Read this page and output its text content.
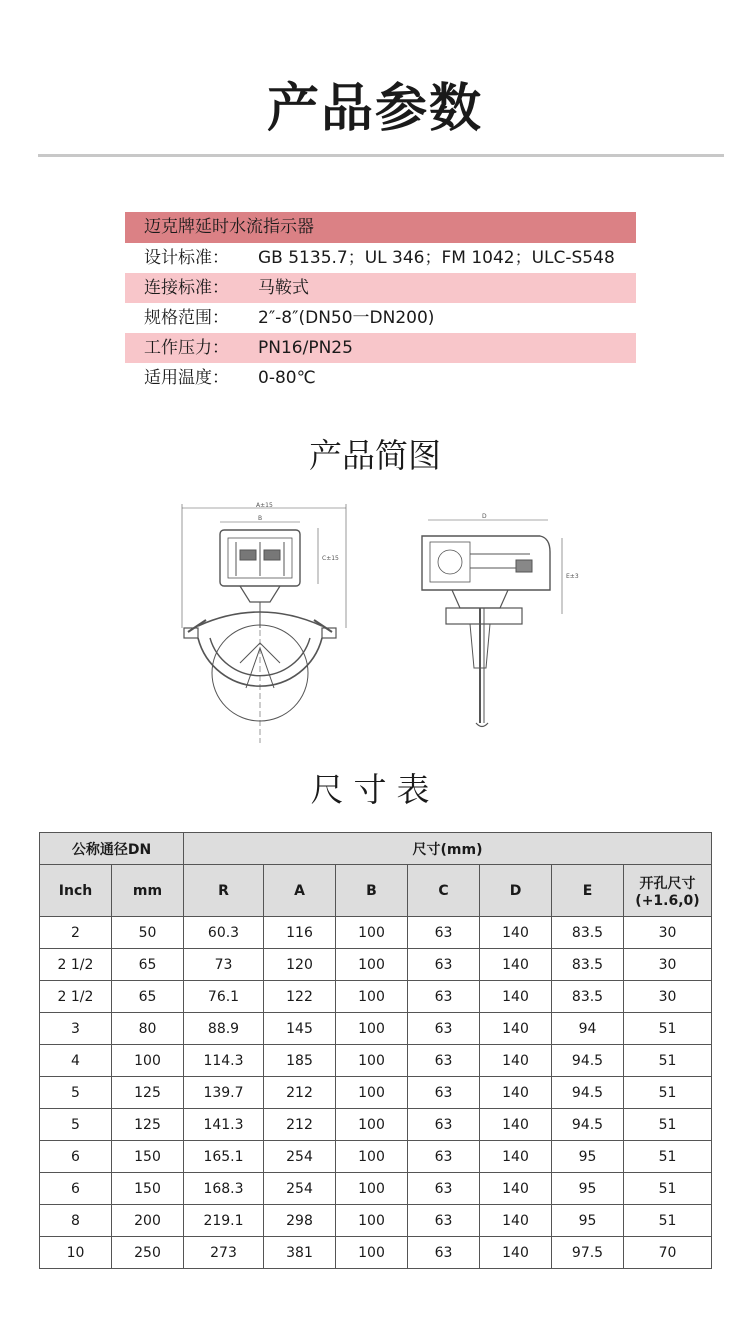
产品参数
迈克牌延时水流指示器
设计标准：	GB 5135.7；UL 346；FM 1042；ULC-S548
连接标准：	马鞍式
规格范围：	2″-8″(DN50一DN200)
工作压力：	PN16/PN25
适用温度：	0-80℃
产品简图
A±15
B
C±15
D
E±3
尺寸表
公称通径DN		尺寸(mm)						
Inch	mm	R	A	B	C	D	E	开孔尺寸
(+1.6,0)

2	50	60.3	116	100	63	140	83.5	30
2 1/2	65	73	120	100	63	140	83.5	30
2 1/2	65	76.1	122	100	63	140	83.5	30
3	80	88.9	145	100	63	140	94	51
4	100	114.3	185	100	63	140	94.5	51
5	125	139.7	212	100	63	140	94.5	51
5	125	141.3	212	100	63	140	94.5	51
6	150	165.1	254	100	63	140	95	51
6	150	168.3	254	100	63	140	95	51
8	200	219.1	298	100	63	140	95	51
10	250	273	381	100	63	140	97.5	70
